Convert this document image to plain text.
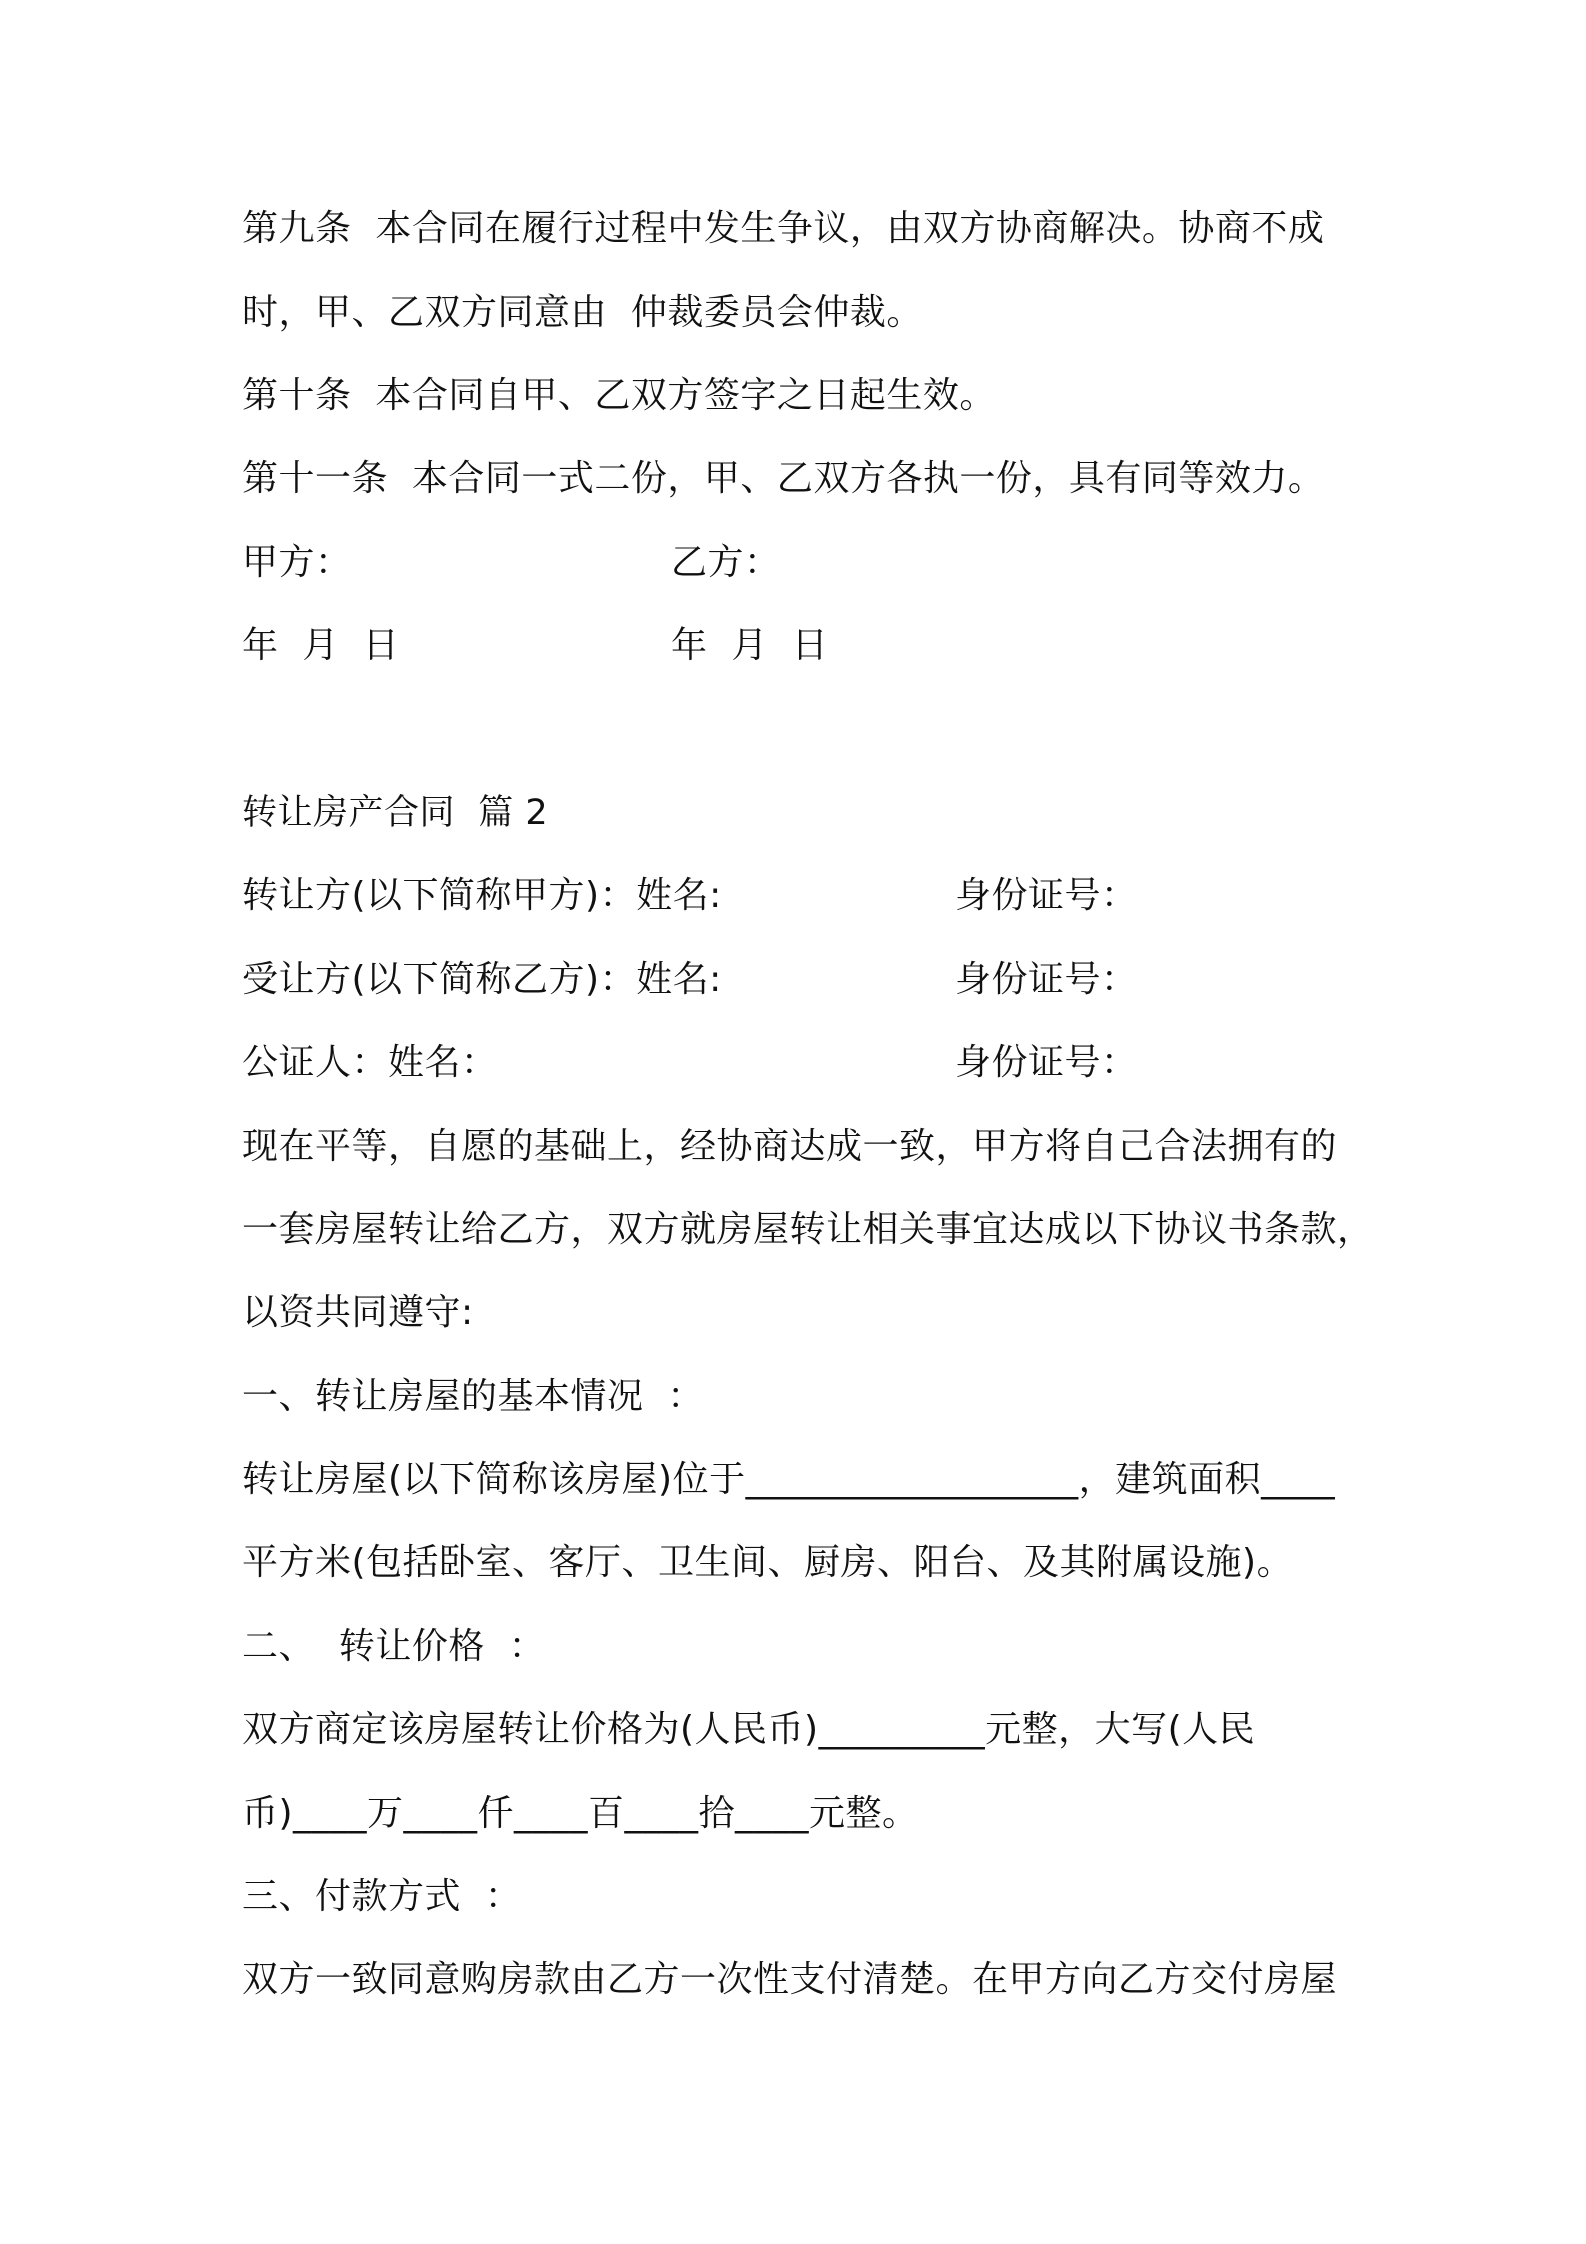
第九条  本合同在履行过程中发生争议，由双方协商解决。协商不成
时，甲、乙双方同意由  仲裁委员会仲裁。
第十条  本合同自甲、乙双方签字之日起生效。
第十一条  本合同一式二份，甲、乙双方各执一份，具有同等效力。
甲方：	乙方：
年  月  日	年  月  日
转让房产合同  篇 2
转让方(以下简称甲方)：姓名:	身份证号：
受让方(以下简称乙方)：姓名:	身份证号：
公证人：姓名：	身份证号：
现在平等，自愿的基础上，经协商达成一致，甲方将自己合法拥有的
一套房屋转让给乙方，双方就房屋转让相关事宜达成以下协议书条款，
以资共同遵守:
一、转让房屋的基本情况  ：
转让房屋(以下简称该房屋)位于__________________，建筑面积____
平方米(包括卧室、客厅、卫生间、厨房、阳台、及其附属设施)。
二、  转让价格  ：
双方商定该房屋转让价格为(人民币)_________元整，大写(人民
币)____万____仟____百____拾____元整。
三、付款方式  ：
双方一致同意购房款由乙方一次性支付清楚。在甲方向乙方交付房屋
